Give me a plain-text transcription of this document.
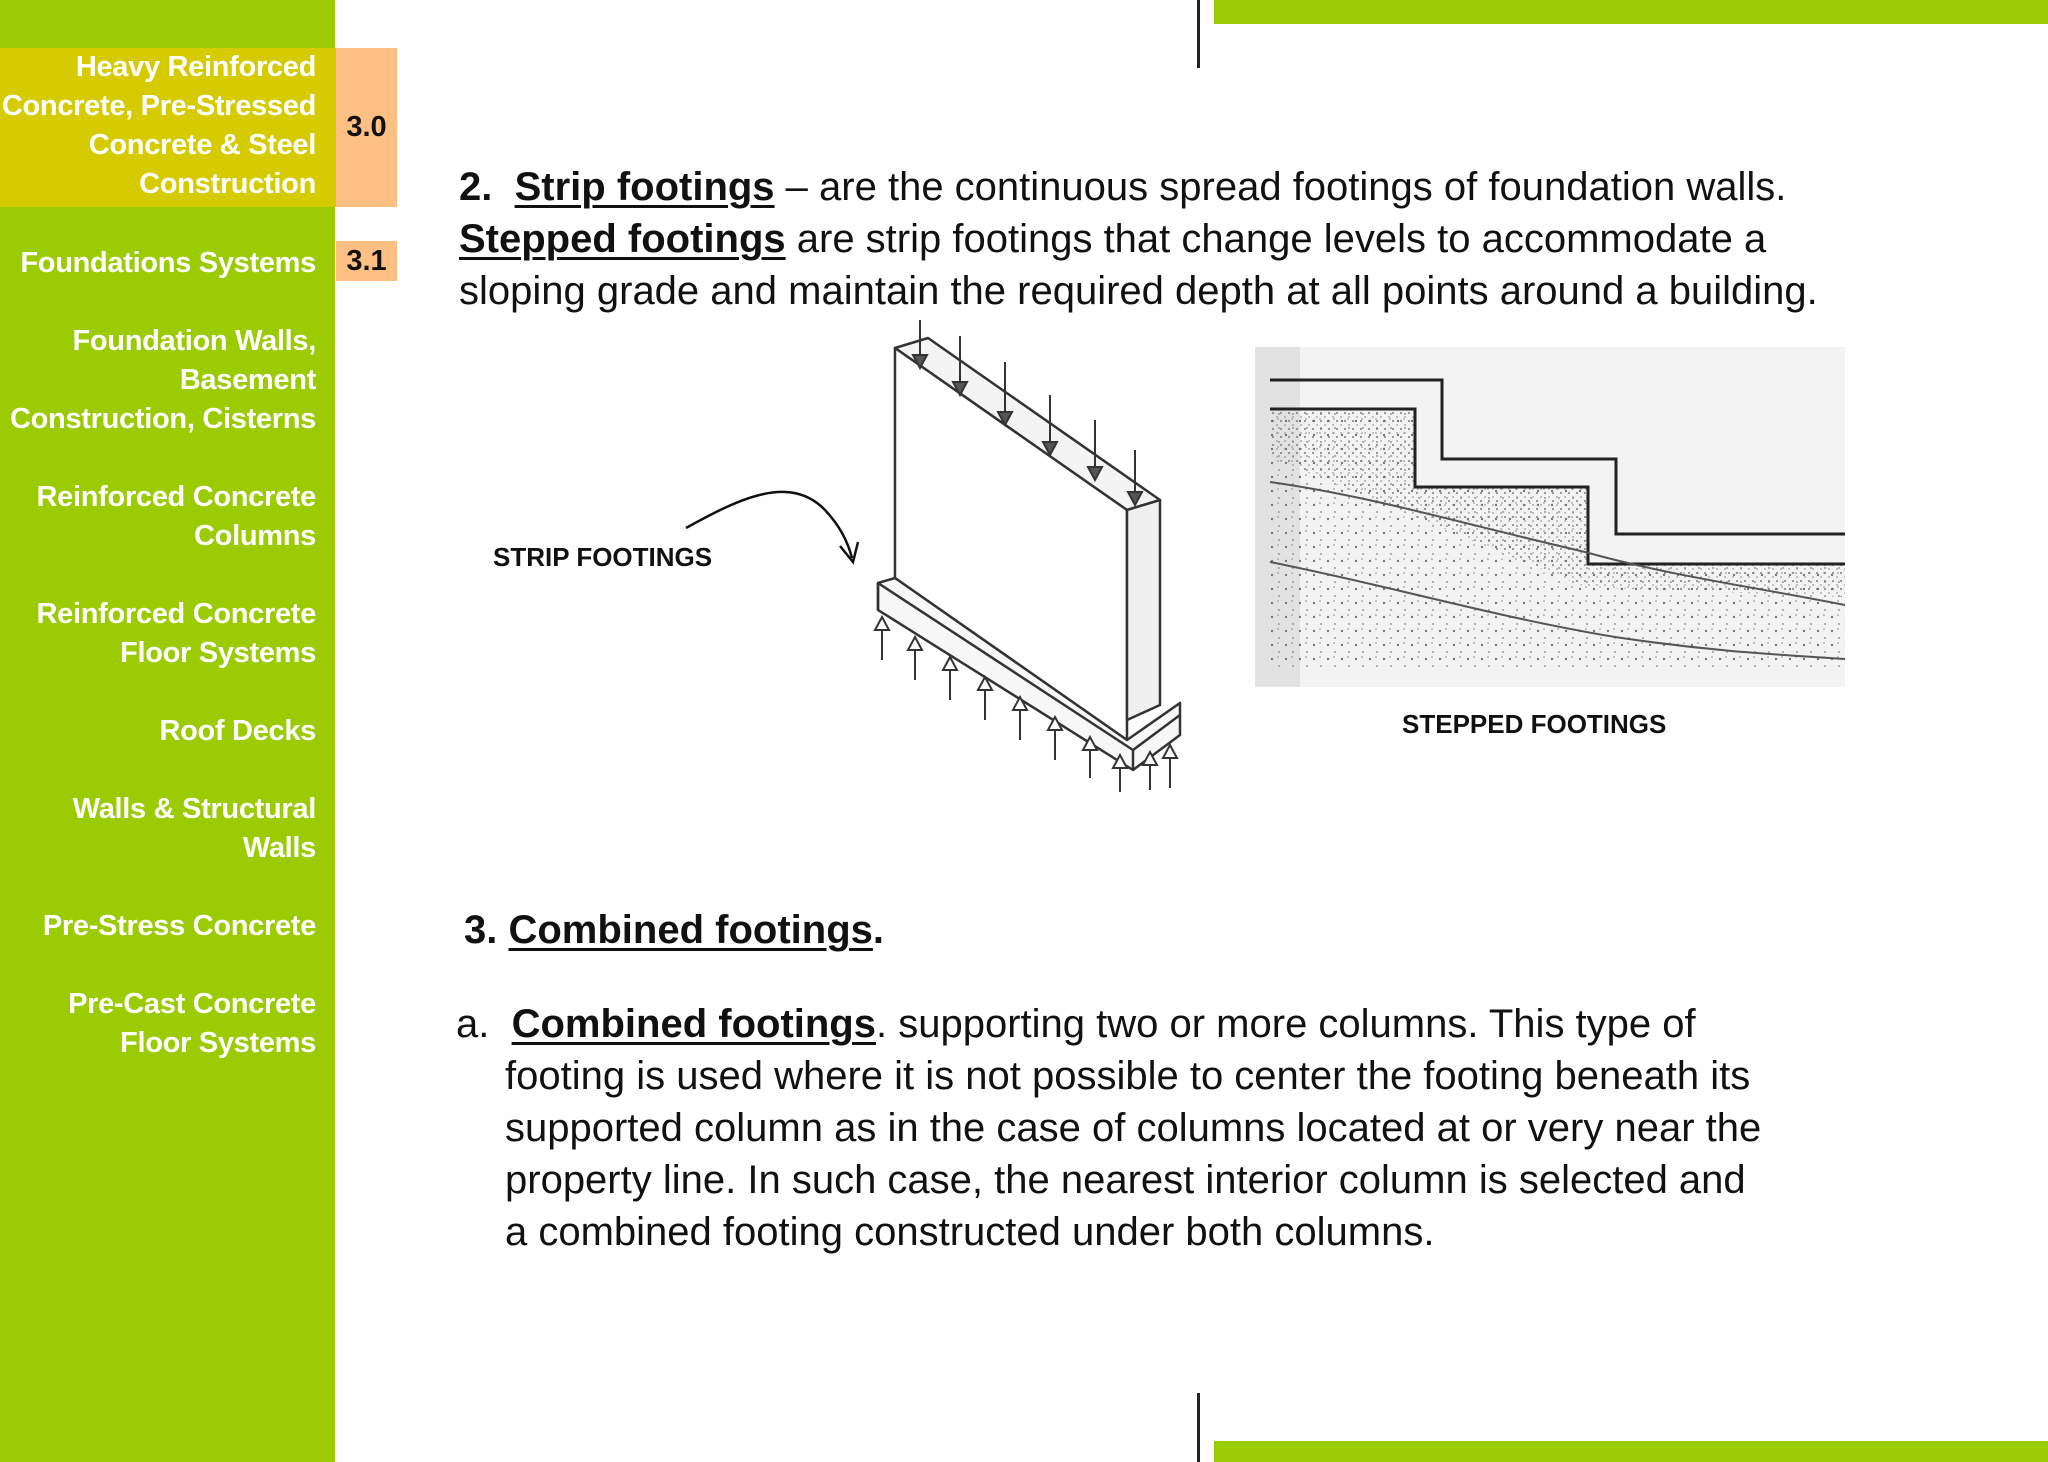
Heavy Reinforced
Concrete, Pre-Stressed
Concrete & Steel
Construction
3.0
Foundations Systems	3.1
Foundation Walls,
Basement
Construction, Cisterns
Reinforced Concrete
Columns
Reinforced Concrete
Floor Systems
Roof Decks
Walls & Structural
Walls
Pre-Stress Concrete
Pre-Cast Concrete
Floor Systems
2. Strip footings – are the continuous spread footings of foundation walls.
Stepped footings are strip footings that change levels to accommodate a
sloping grade and maintain the required depth at all points around a building.
STRIP FOOTINGS
STEPPED FOOTINGS
3. Combined footings.
a. Combined footings. supporting two or more columns. This type of
footing is used where it is not possible to center the footing beneath its
supported column as in the case of columns located at or very near the
property line. In such case, the nearest interior column is selected and
a combined footing constructed under both columns.
